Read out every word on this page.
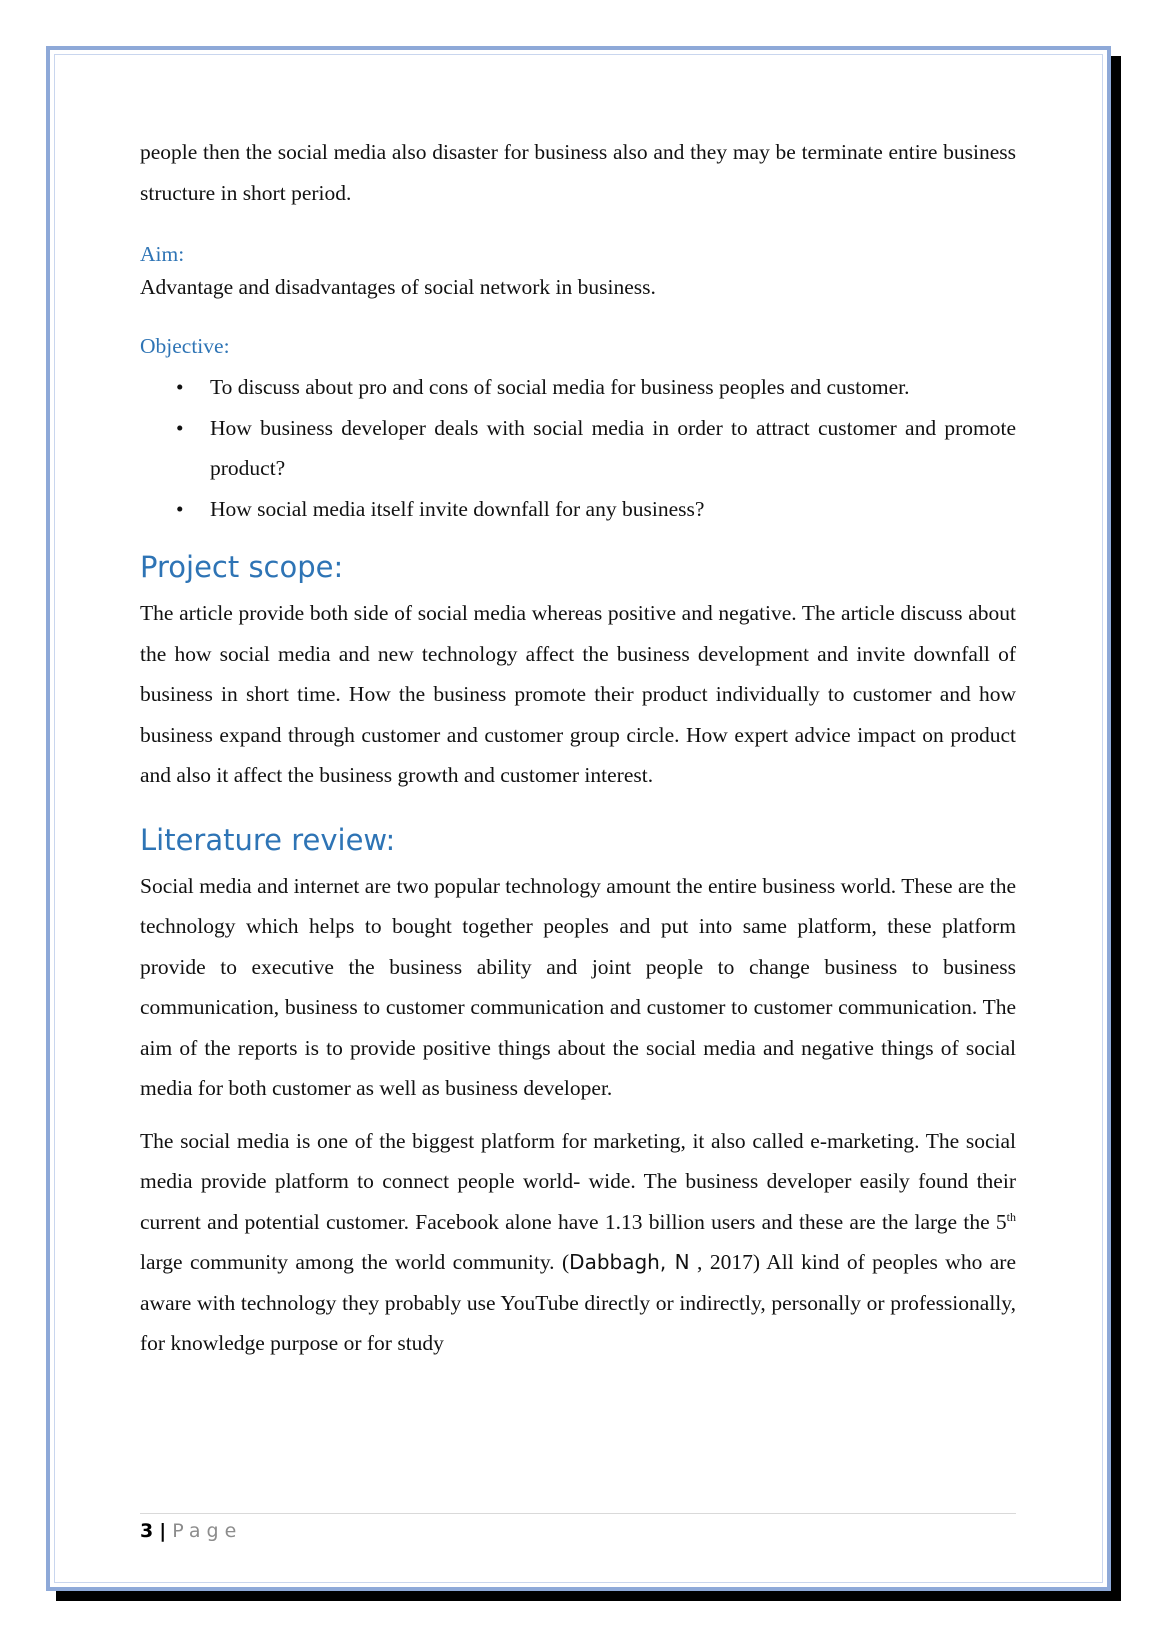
people then the social media also disaster for business also and they may be terminate entire business structure in short period.

Aim:

Advantage and disadvantages of social network in business.

Objective:
• To discuss about pro and cons of social media for business peoples and customer.
• How business developer deals with social media in order to attract customer and promote product?
• How social media itself invite downfall for any business?
Project scope:

The article provide both side of social media whereas positive and negative. The article discuss about the how social media and new technology affect the business development and invite downfall of business in short time. How the business promote their product individually to customer and how business expand through customer and customer group circle. How expert advice impact on product and also it affect the business growth and customer interest.

Literature review:

Social media and internet are two popular technology amount the entire business world. These are the technology which helps to bought together peoples and put into same platform, these platform provide to executive the business ability and joint people to change business to business communication, business to customer communication and customer to customer communication. The aim of the reports is to provide positive things about the social media and negative things of social media for both customer as well as business developer.

The social media is one of the biggest platform for marketing, it also called e-marketing. The social media provide platform to connect people world- wide. The business developer easily found their current and potential customer. Facebook alone have 1.13 billion users and these are the large the 5th large community among the world community. (Dabbagh, N , 2017) All kind of peoples who are aware with technology they probably use YouTube directly or indirectly, personally or professionally, for knowledge purpose or for study

3 | Page
